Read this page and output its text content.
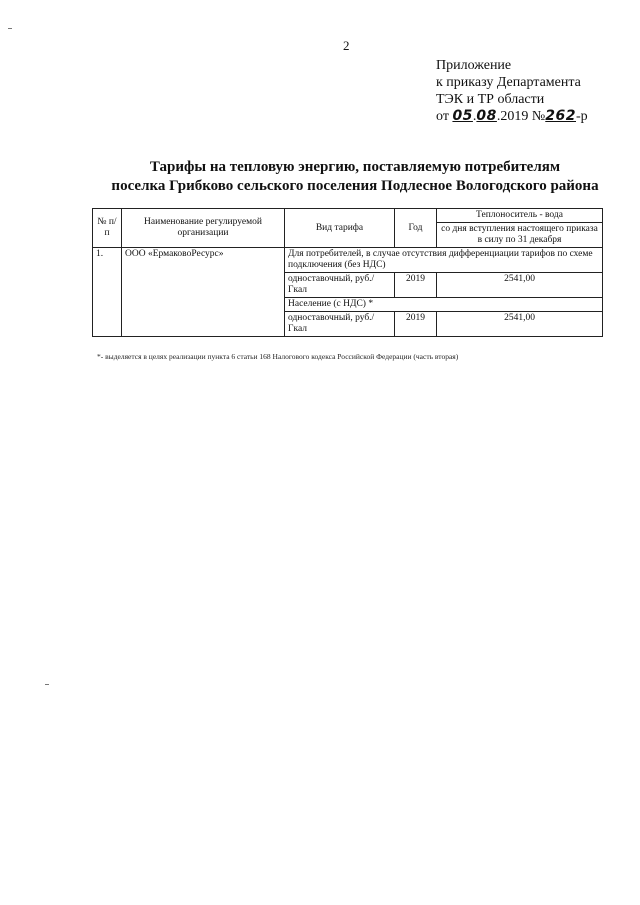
2
Приложение
к приказу Департамента
ТЭК и ТР области
от 05.08.2019 №262-р
Тарифы на тепловую энергию, поставляемую потребителям
поселка Грибково сельского поселения Подлесное Вологодского района
№ п/п	Наименование регулируемой организации	Вид тарифа	Год	Теплоноситель - вода
				со дня вступления настоящего приказа в силу по 31 декабря
1.	ООО «ЕрмаковоРесурс»	Для потребителей, в случае отсутствия дифференциации тарифов по схеме подключения (без НДС)		
		одноставочный, руб./Гкал	2019	2541,00
		Население (с НДС) *		
		одноставочный, руб./Гкал	2019	2541,00
*- выделяется в целях реализации пункта 6 статьи 168 Налогового кодекса Российской Федерации (часть вторая)
